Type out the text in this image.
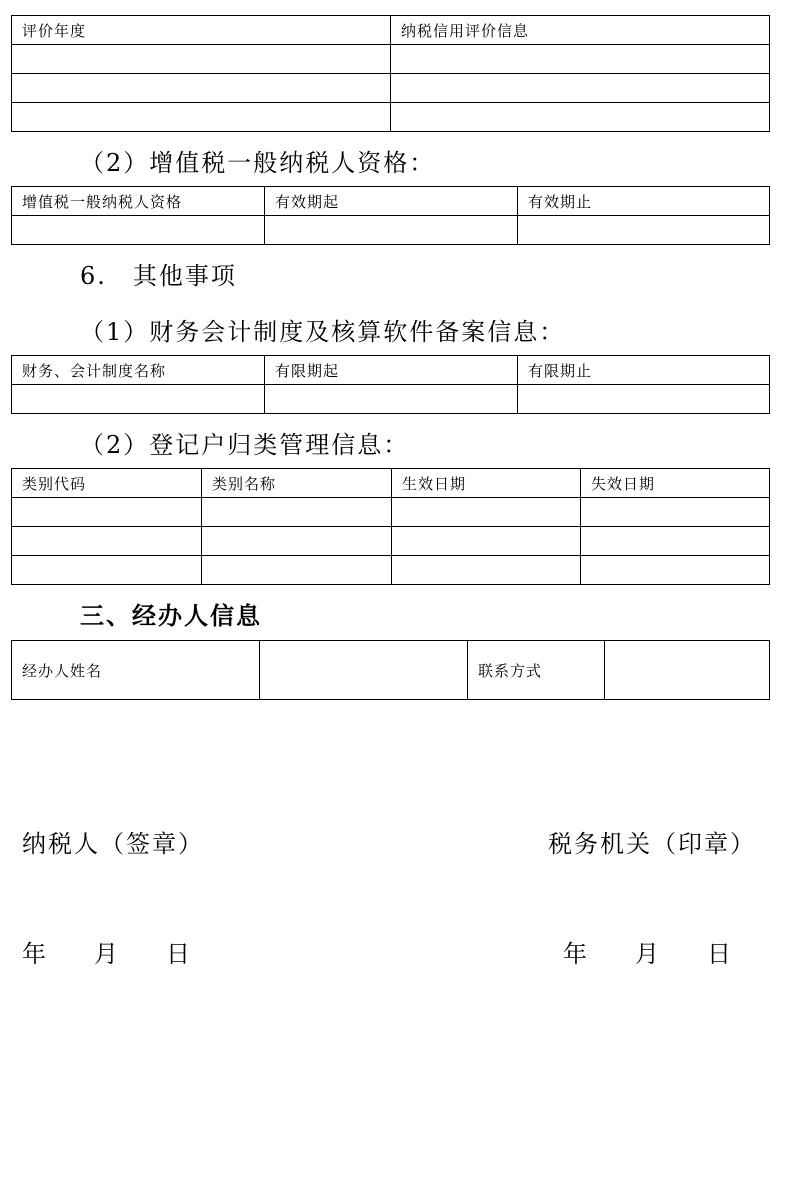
评价年度	纳税信用评价信息

（2）增值税一般纳税人资格：
增值税一般纳税人资格	有效期起	有效期止

6.　其他事项
（1）财务会计制度及核算软件备案信息：
财务、会计制度名称	有限期起	有限期止

（2）登记户归类管理信息：
类别代码	类别名称	生效日期	失效日期

三、经办人信息
经办人姓名		联系方式	
纳税人（签章）	税务机关（印章）
年 月 日	年 月 日
